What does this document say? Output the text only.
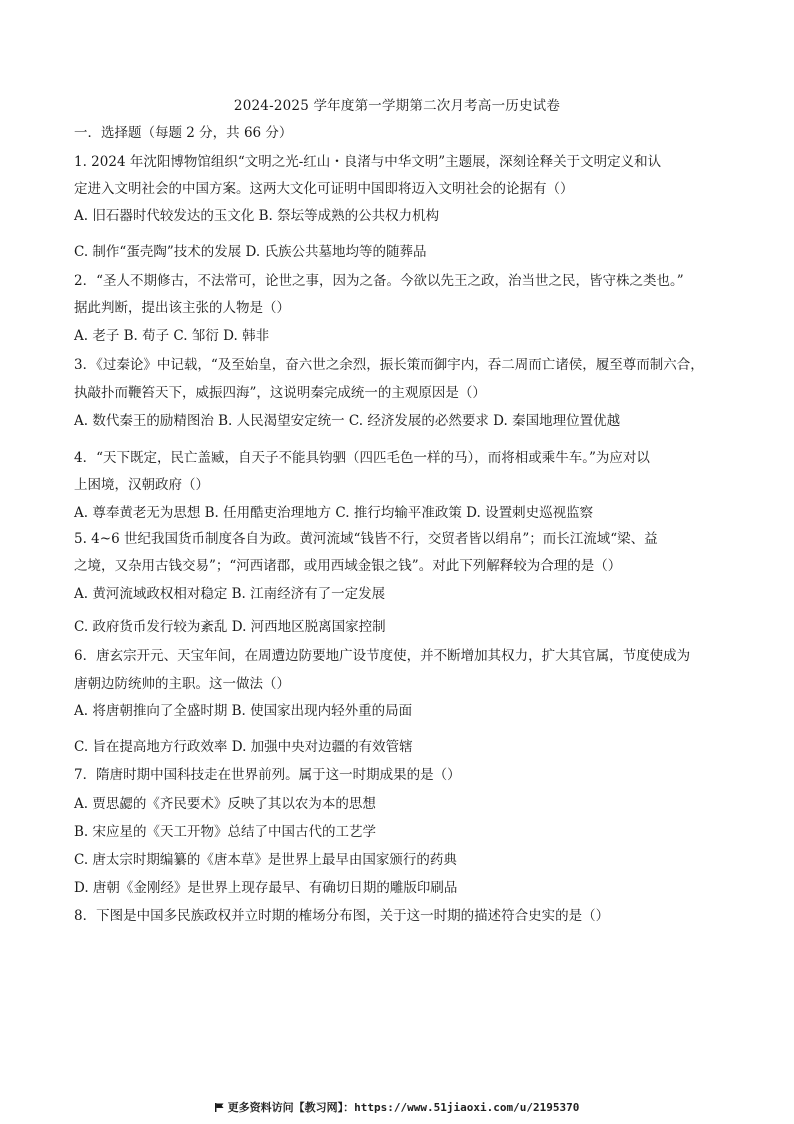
2024-2025 学年度第一学期第二次月考高一历史试卷
一．选择题（每题 2 分，共 66 分）
1. 2024 年沈阳博物馆组织“文明之光-红山・良渚与中华文明”主题展，深刻诠释关于文明定义和认
定进入文明社会的中国方案。这两大文化可证明中国即将迈入文明社会的论据有（）
A. 旧石器时代较发达的玉文化 B. 祭坛等成熟的公共权力机构
C. 制作“蛋壳陶”技术的发展 D. 氏族公共墓地均等的随葬品
2．“圣人不期修古，不法常可，论世之事，因为之备。今欲以先王之政，治当世之民，皆守株之类也。”
据此判断，提出该主张的人物是（）
A. 老子 B. 荀子 C. 邹衍 D. 韩非
3．《过秦论》中记载，“及至始皇，奋六世之余烈，振长策而御宇内，吞二周而亡诸侯，履至尊而制六合，
执敲扑而鞭笞天下，威振四海”，这说明秦完成统一的主观原因是（）
A. 数代秦王的励精图治 B. 人民渴望安定统一 C. 经济发展的必然要求 D. 秦国地理位置优越
4．“天下既定，民亡盖臧，自天子不能具钧驷（四匹毛色一样的马），而将相或乘牛车。”为应对以
上困境，汉朝政府（）
A. 尊奉黄老无为思想 B. 任用酷吏治理地方 C. 推行均输平准政策 D. 设置刺史巡视监察
5. 4~6 世纪我国货币制度各自为政。黄河流域“钱皆不行，交贸者皆以绢帛”；而长江流域“梁、益
之境，又杂用古钱交易”；“河西诸郡，或用西域金银之钱”。对此下列解释较为合理的是（）
A. 黄河流域政权相对稳定 B. 江南经济有了一定发展
C. 政府货币发行较为紊乱 D. 河西地区脱离国家控制
6．唐玄宗开元、天宝年间，在周遭边防要地广设节度使，并不断增加其权力，扩大其官属，节度使成为
唐朝边防统帅的主职。这一做法（）
A. 将唐朝推向了全盛时期 B. 使国家出现内轻外重的局面
C. 旨在提高地方行政效率 D. 加强中央对边疆的有效管辖
7．隋唐时期中国科技走在世界前列。属于这一时期成果的是（）
A. 贾思勰的《齐民要术》反映了其以农为本的思想
B. 宋应星的《天工开物》总结了中国古代的工艺学
C. 唐太宗时期编纂的《唐本草》是世界上最早由国家颁行的药典
D. 唐朝《金刚经》是世界上现存最早、有确切日期的雕版印刷品
8．下图是中国多民族政权并立时期的榷场分布图，关于这一时期的描述符合史实的是（）
更多资料访问【教习网】：https://www.51jiaoxi.com/u/2195370
